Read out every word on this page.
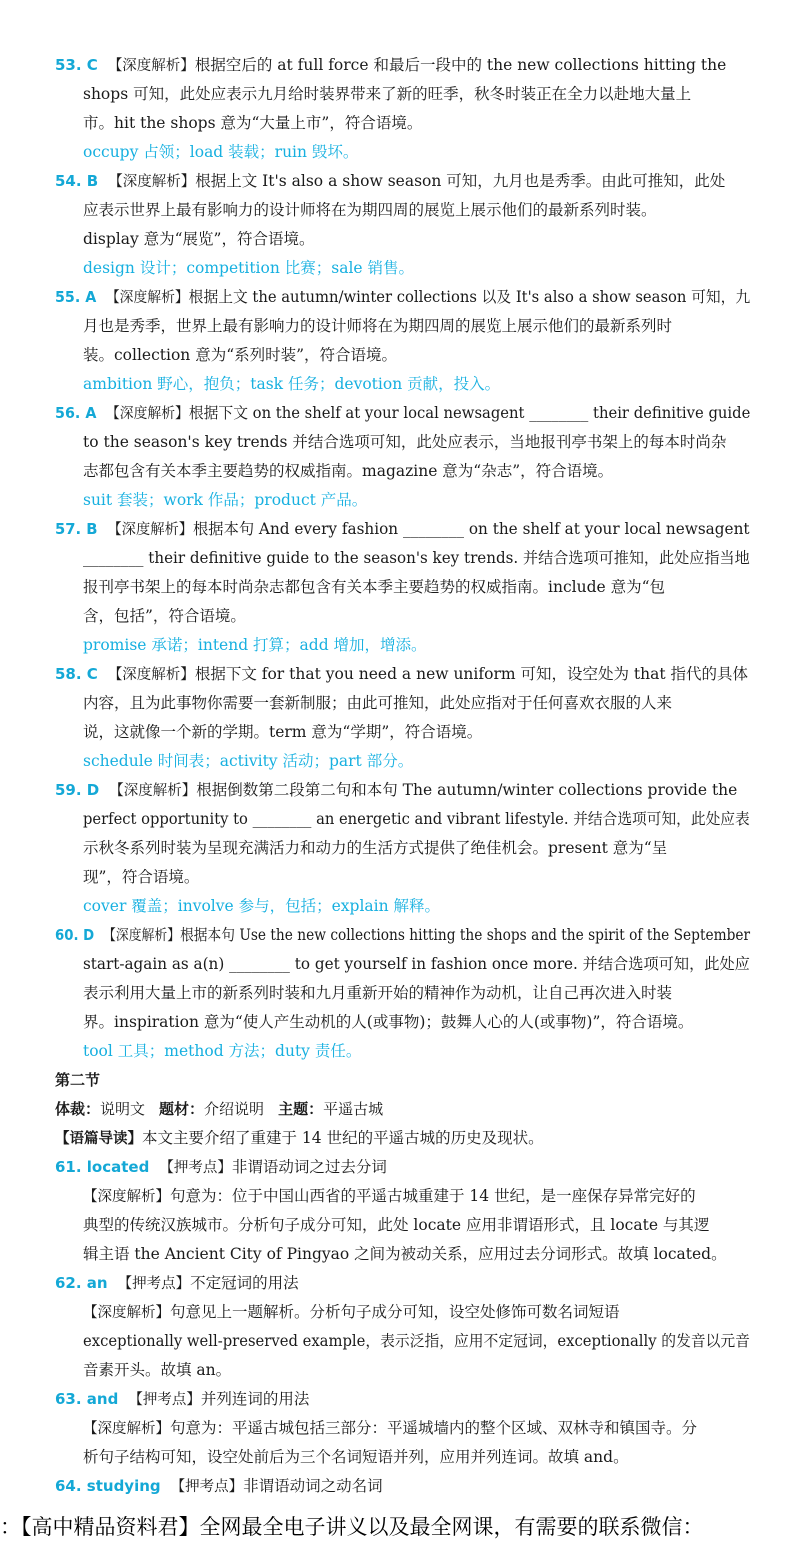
53. C 【深度解析】根据空后的 at full force 和最后一段中的 the new collections hitting the
shops 可知，此处应表示九月给时装界带来了新的旺季，秋冬时装正在全力以赴地大量上
市。hit the shops 意为“大量上市”，符合语境。
occupy 占领；load 装载；ruin 毁坏。
54. B 【深度解析】根据上文 It's also a show season 可知，九月也是秀季。由此可推知，此处
应表示世界上最有影响力的设计师将在为期四周的展览上展示他们的最新系列时装。
display 意为“展览”，符合语境。
design 设计；competition 比赛；sale 销售。
55. A 【深度解析】根据上文 the autumn/winter collections 以及 It's also a show season 可知，九
月也是秀季，世界上最有影响力的设计师将在为期四周的展览上展示他们的最新系列时
装。collection 意为“系列时装”，符合语境。
ambition 野心，抱负；task 任务；devotion 贡献，投入。
56. A 【深度解析】根据下文 on the shelf at your local newsagent ________ their definitive guide
to the season's key trends 并结合选项可知，此处应表示，当地报刊亭书架上的每本时尚杂
志都包含有关本季主要趋势的权威指南。magazine 意为“杂志”，符合语境。
suit 套装；work 作品；product 产品。
57. B 【深度解析】根据本句 And every fashion ________ on the shelf at your local newsagent
________ their definitive guide to the season's key trends. 并结合选项可推知，此处应指当地
报刊亭书架上的每本时尚杂志都包含有关本季主要趋势的权威指南。include 意为“包
含，包括”，符合语境。
promise 承诺；intend 打算；add 增加，增添。
58. C 【深度解析】根据下文 for that you need a new uniform 可知，设空处为 that 指代的具体
内容，且为此事物你需要一套新制服；由此可推知，此处应指对于任何喜欢衣服的人来
说，这就像一个新的学期。term 意为“学期”，符合语境。
schedule 时间表；activity 活动；part 部分。
59. D 【深度解析】根据倒数第二段第二句和本句 The autumn/winter collections provide the
perfect opportunity to ________ an energetic and vibrant lifestyle. 并结合选项可知，此处应表
示秋冬系列时装为呈现充满活力和动力的生活方式提供了绝佳机会。present 意为“呈
现”，符合语境。
cover 覆盖；involve 参与，包括；explain 解释。
60. D 【深度解析】根据本句 Use the new collections hitting the shops and the spirit of the September
start-again as a(n) ________ to get yourself in fashion once more. 并结合选项可知，此处应
表示利用大量上市的新系列时装和九月重新开始的精神作为动机，让自己再次进入时装
界。inspiration 意为“使人产生动机的人(或事物)；鼓舞人心的人(或事物)”，符合语境。
tool 工具；method 方法；duty 责任。
第二节
体裁：说明文 题材：介绍说明 主题：平遥古城
【语篇导读】本文主要介绍了重建于 14 世纪的平遥古城的历史及现状。
61. located 【押考点】非谓语动词之过去分词
【深度解析】句意为：位于中国山西省的平遥古城重建于 14 世纪，是一座保存异常完好的
典型的传统汉族城市。分析句子成分可知，此处 locate 应用非谓语形式，且 locate 与其逻
辑主语 the Ancient City of Pingyao 之间为被动关系，应用过去分词形式。故填 located。
62. an 【押考点】不定冠词的用法
【深度解析】句意见上一题解析。分析句子成分可知，设空处修饰可数名词短语
exceptionally well-preserved example，表示泛指，应用不定冠词，exceptionally 的发音以元音
音素开头。故填 an。
63. and 【押考点】并列连词的用法
【深度解析】句意为：平遥古城包括三部分：平遥城墙内的整个区域、双林寺和镇国寺。分
析句子结构可知，设空处前后为三个名词短语并列，应用并列连词。故填 and。
64. studying 【押考点】非谓语动词之动名词
：【高中精品资料君】全网最全电子讲义以及最全网课，有需要的联系微信：
